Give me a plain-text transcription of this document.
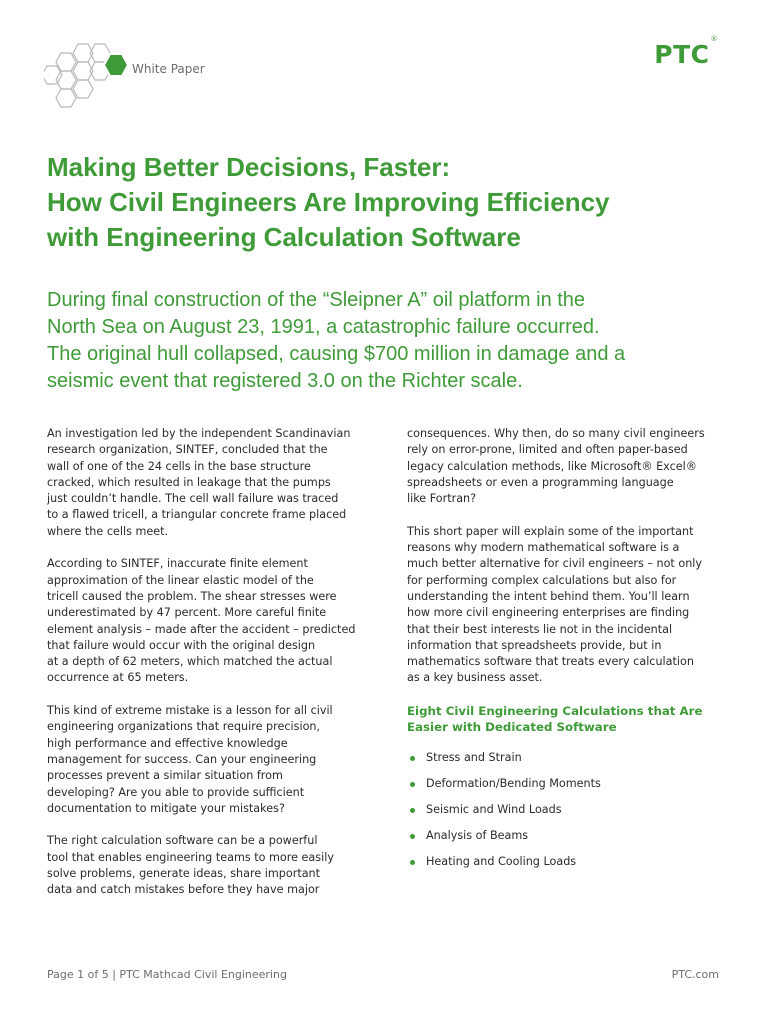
White Paper	PTC®
Making Better Decisions, Faster:
How Civil Engineers Are Improving Efficiency
with Engineering Calculation Software
During final construction of the “Sleipner A” oil platform in the
North Sea on August 23, 1991, a catastrophic failure occurred.
The original hull collapsed, causing $700 million in damage and a
seismic event that registered 3.0 on the Richter scale.
An investigation led by the independent Scandinavian
research organization, SINTEF, concluded that the
wall of one of the 24 cells in the base structure
cracked, which resulted in leakage that the pumps
just couldn’t handle. The cell wall failure was traced
to a flawed tricell, a triangular concrete frame placed
where the cells meet.
According to SINTEF, inaccurate finite element
approximation of the linear elastic model of the
tricell caused the problem. The shear stresses were
underestimated by 47 percent. More careful finite
element analysis – made after the accident – predicted
that failure would occur with the original design
at a depth of 62 meters, which matched the actual
occurrence at 65 meters.
This kind of extreme mistake is a lesson for all civil
engineering organizations that require precision,
high performance and effective knowledge
management for success. Can your engineering
processes prevent a similar situation from
developing? Are you able to provide sufficient
documentation to mitigate your mistakes?
The right calculation software can be a powerful
tool that enables engineering teams to more easily
solve problems, generate ideas, share important
data and catch mistakes before they have major
consequences. Why then, do so many civil engineers
rely on error-prone, limited and often paper-based
legacy calculation methods, like Microsoft® Excel®
spreadsheets or even a programming language
like Fortran?
This short paper will explain some of the important
reasons why modern mathematical software is a
much better alternative for civil engineers – not only
for performing complex calculations but also for
understanding the intent behind them. You’ll learn
how more civil engineering enterprises are finding
that their best interests lie not in the incidental
information that spreadsheets provide, but in
mathematics software that treats every calculation
as a key business asset.
Eight Civil Engineering Calculations that Are
Easier with Dedicated Software
Stress and Strain
Deformation/Bending Moments
Seismic and Wind Loads
Analysis of Beams
Heating and Cooling Loads
Page 1 of 5 | PTC Mathcad Civil Engineering	PTC.com
